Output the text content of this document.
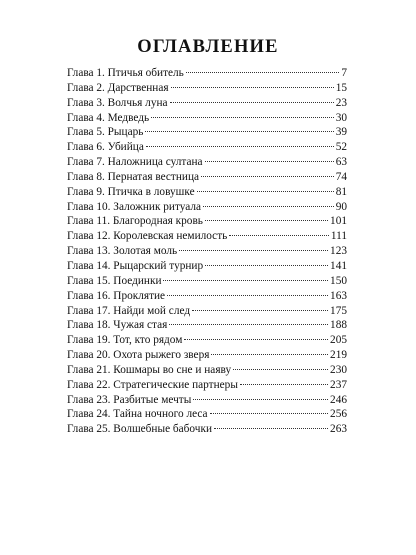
ОГЛАВЛЕНИЕ
Глава 1. Птичья обитель	7
Глава 2. Дарственная	15
Глава 3. Волчья луна	23
Глава 4. Медведь	30
Глава 5. Рыцарь	39
Глава 6. Убийца	52
Глава 7. Наложница султана	63
Глава 8. Пернатая вестница	74
Глава 9. Птичка в ловушке	81
Глава 10. Заложник ритуала	90
Глава 11. Благородная кровь	101
Глава 12. Королевская немилость	111
Глава 13. Золотая моль	123
Глава 14. Рыцарский турнир	141
Глава 15. Поединки	150
Глава 16. Проклятие	163
Глава 17. Найди мой след	175
Глава 18. Чужая стая	188
Глава 19. Тот, кто рядом	205
Глава 20. Охота рыжего зверя	219
Глава 21. Кошмары во сне и наяву	230
Глава 22. Стратегические партнеры	237
Глава 23. Разбитые мечты	246
Глава 24. Тайна ночного леса	256
Глава 25. Волшебные бабочки	263
